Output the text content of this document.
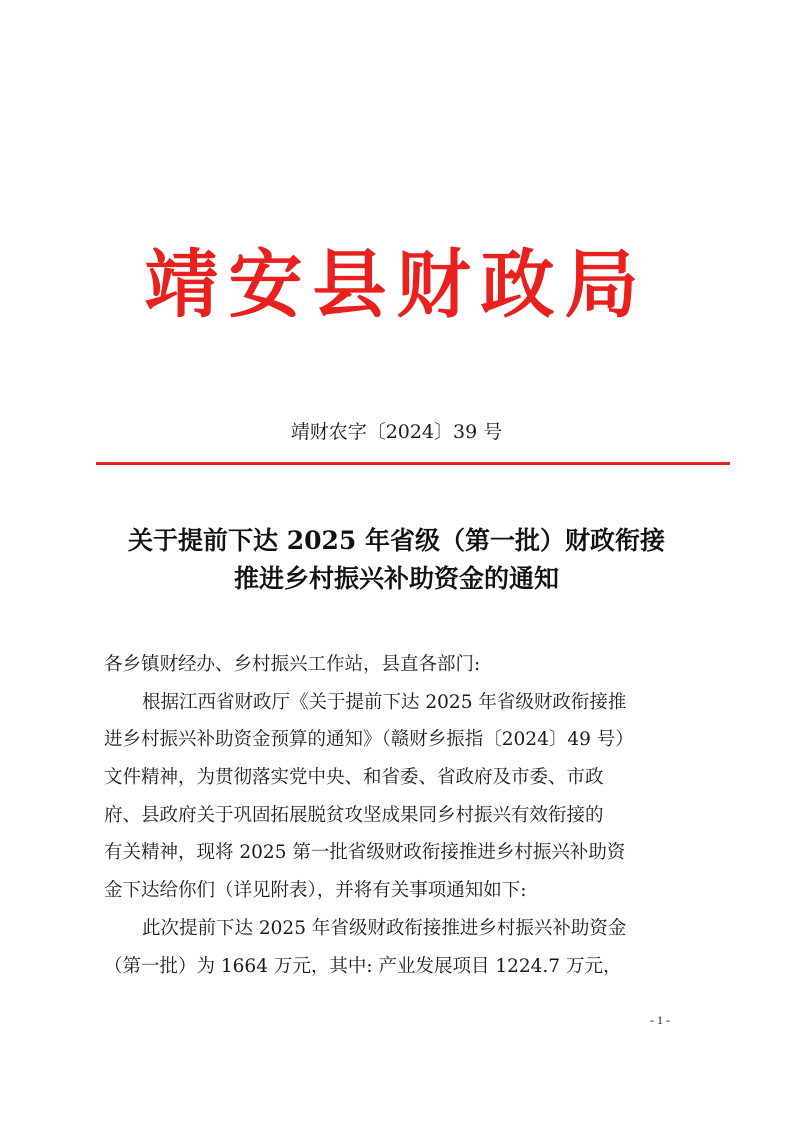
靖安县财政局
靖财农字〔2024〕39 号
关于提前下达 2025 年省级（第一批）财政衔接
推进乡村振兴补助资金的通知
各乡镇财经办、乡村振兴工作站，县直各部门:
根据江西省财政厅《关于提前下达 2025 年省级财政衔接推
进乡村振兴补助资金预算的通知》（赣财乡振指〔2024〕49 号）
文件精神，为贯彻落实党中央、和省委、省政府及市委、市政
府、县政府关于巩固拓展脱贫攻坚成果同乡村振兴有效衔接的
有关精神，现将 2025 第一批省级财政衔接推进乡村振兴补助资
金下达给你们（详见附表），并将有关事项通知如下:
此次提前下达 2025 年省级财政衔接推进乡村振兴补助资金
（第一批）为 1664 万元，其中: 产业发展项目 1224.7 万元，
- 1 -
